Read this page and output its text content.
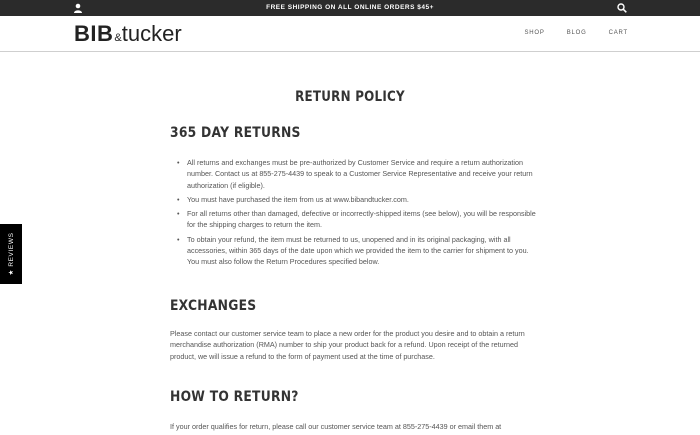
FREE SHIPPING ON ALL ONLINE ORDERS $45+
BIB&tucker	SHOP	BLOG	CART
★ REVIEWS
RETURN POLICY
365 DAY RETURNS
• All returns and exchanges must be pre-authorized by Customer Service and require a return authorization number. Contact us at 855-275-4439 to speak to a Customer Service Representative and receive your return authorization (if eligible).
• You must have purchased the item from us at www.bibandtucker.com.
• For all returns other than damaged, defective or incorrectly-shipped items (see below), you will be responsible for the shipping charges to return the item.
• To obtain your refund, the item must be returned to us, unopened and in its original packaging, with all accessories, within 365 days of the date upon which we provided the item to the carrier for shipment to you. You must also follow the Return Procedures specified below.
EXCHANGES

Please contact our customer service team to place a new order for the product you desire and to obtain a return merchandise authorization (RMA) number to ship your product back for a refund. Upon receipt of the returned product, we will issue a refund to the form of payment used at the time of purchase.

HOW TO RETURN?

If your order qualifies for return, please call our customer service team at 855-275-4439 or email them at
